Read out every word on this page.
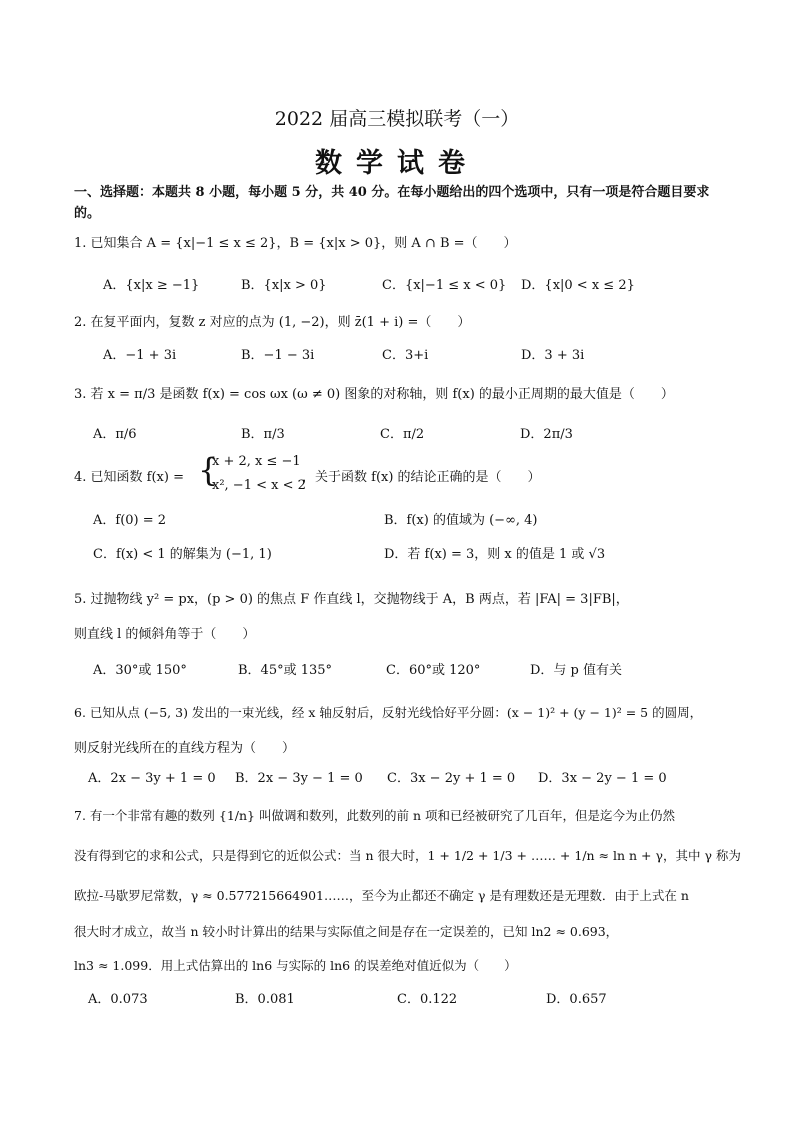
2022 届高三模拟联考（一）
数学试卷
一、选择题：本题共 8 小题，每小题 5 分，共 40 分。在每小题给出的四个选项中，只有一项是符合题目要求的。
1. 已知集合 A = {x|−1 ≤ x ≤ 2}，B = {x|x > 0}，则 A ∩ B =（　　）
A．{x|x ≥ −1}	B．{x|x > 0}	C．{x|−1 ≤ x < 0} D．{x|0 < x ≤ 2}
2. 在复平面内，复数 z 对应的点为 (1, −2)，则 z̄(1 + i) =（　　）
A．−1 + 3i	B．−1 − 3i	C．3+i	D．3 + 3i
3. 若 x = π/3 是函数 f(x) = cos ωx (ω ≠ 0) 图象的对称轴，则 f(x) 的最小正周期的最大值是（　　）
A．π/6	B．π/3	C．π/2	D．2π/3
4. 已知函数 f(x) = {
x + 2, x ≤ −1
x², −1 < x < 2
，关于函数 f(x) 的结论正确的是（　　）
A．f(0) = 2	B．f(x) 的值域为 (−∞, 4)
C．f(x) < 1 的解集为 (−1, 1)	D．若 f(x) = 3，则 x 的值是 1 或 √3
5. 过抛物线 y² = px，(p > 0) 的焦点 F 作直线 l，交抛物线于 A，B 两点，若 |FA| = 3|FB|，
则直线 l 的倾斜角等于（　　）
A．30°或 150°	B．45°或 135°	C．60°或 120°	D．与 p 值有关
6. 已知从点 (−5, 3) 发出的一束光线，经 x 轴反射后，反射光线恰好平分圆：(x − 1)² + (y − 1)² = 5 的圆周，
则反射光线所在的直线方程为（　　）
A．2x − 3y + 1 = 0 B．2x − 3y − 1 = 0 C．3x − 2y + 1 = 0 D．3x − 2y − 1 = 0
7. 有一个非常有趣的数列 {1/n} 叫做调和数列，此数列的前 n 项和已经被研究了几百年，但是迄今为止仍然
没有得到它的求和公式，只是得到它的近似公式：当 n 很大时，1 + 1/2 + 1/3 + …… + 1/n ≈ ln n + γ，其中 γ 称为
欧拉-马歇罗尼常数，γ ≈ 0.577215664901……，至今为止都还不确定 γ 是有理数还是无理数．由于上式在 n
很大时才成立，故当 n 较小时计算出的结果与实际值之间是存在一定误差的，已知 ln2 ≈ 0.693，
ln3 ≈ 1.099．用上式估算出的 ln6 与实际的 ln6 的误差绝对值近似为（　　）
A．0.073	B．0.081	C．0.122	D．0.657
